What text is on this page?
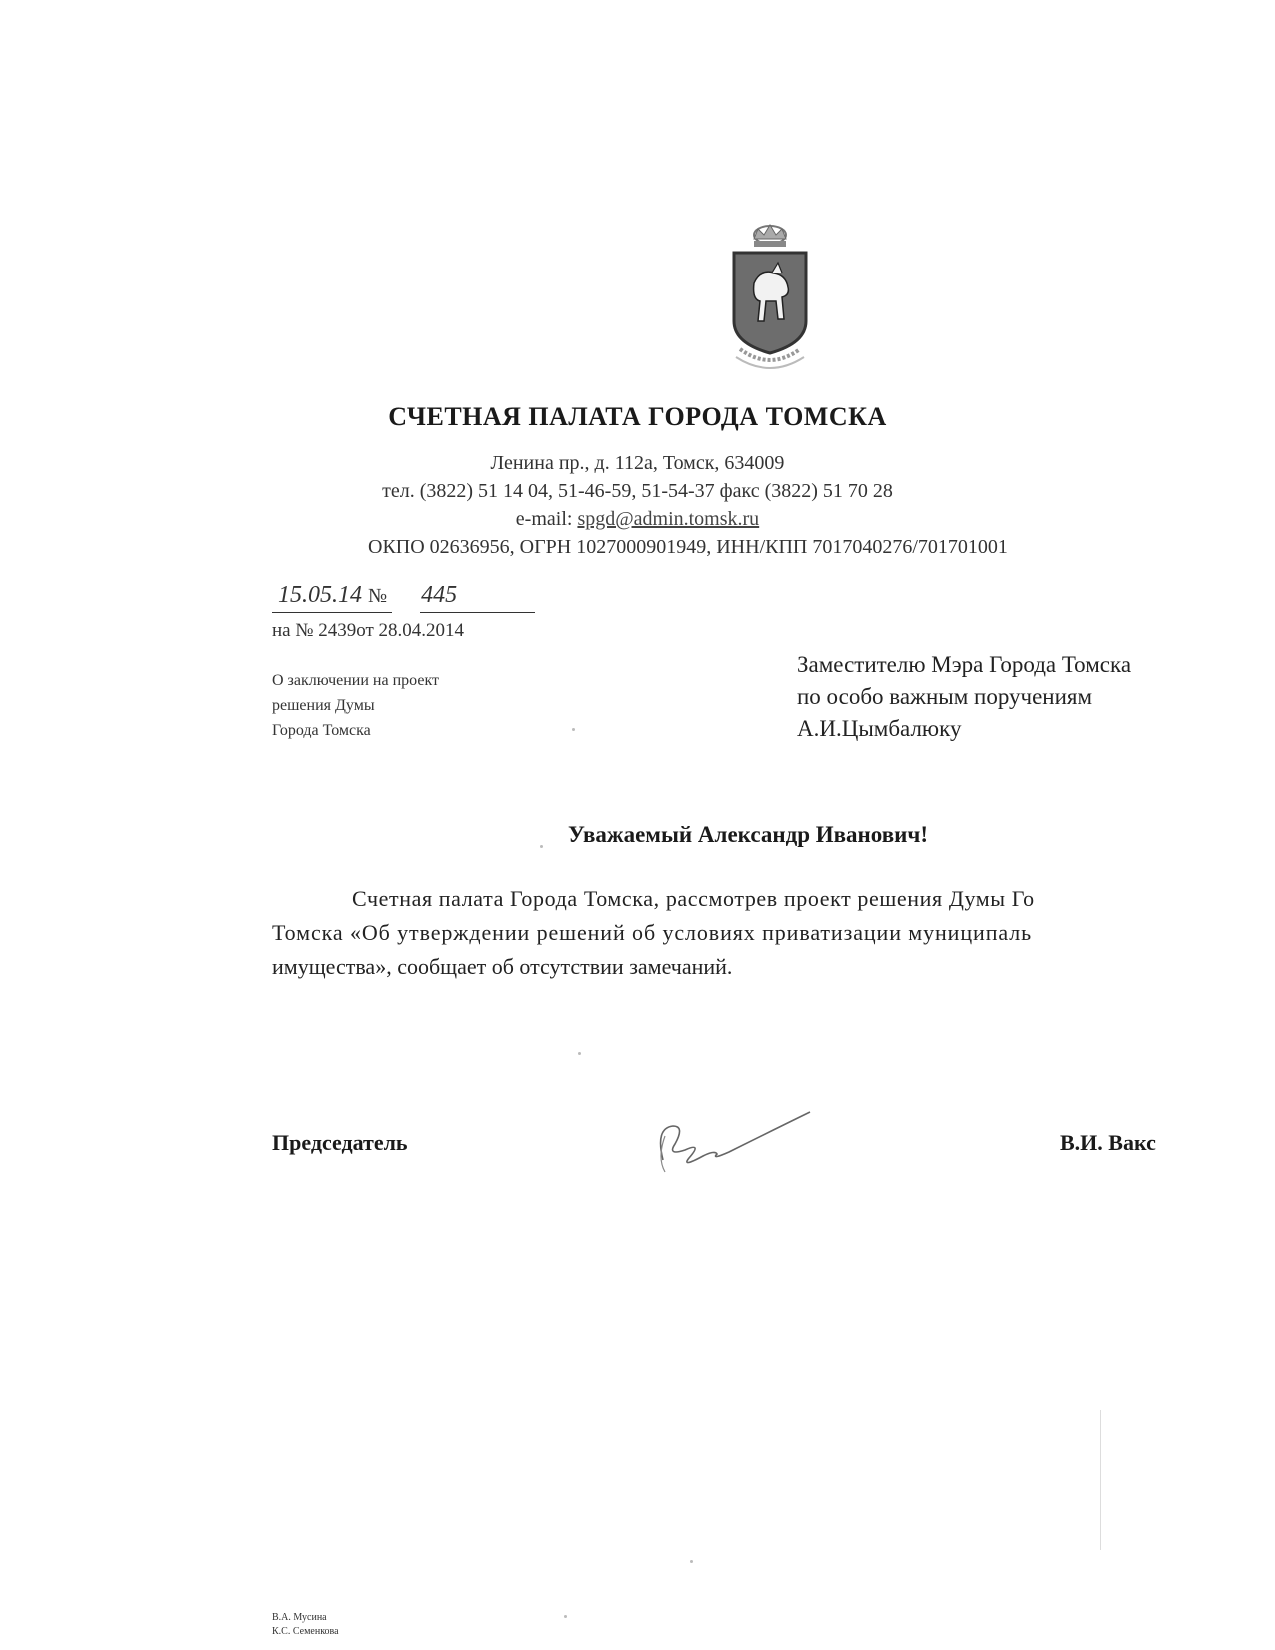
СЧЕТНАЯ ПАЛАТА ГОРОДА ТОМСКА
Ленина пр., д. 112а, Томск, 634009
тел. (3822) 51 14 04, 51-46-59, 51-54-37 факс (3822) 51 70 28
e-mail: spgd@admin.tomsk.ru
ОКПО 02636956, ОГРН 1027000901949, ИНН/КПП 7017040276/701701001
15.05.14 № 445
на № 2439от 28.04.2014
О заключении на проект
решения Думы
Города Томска
Заместителю Мэра Города Томска
по особо важным поручениям
А.И.Цымбалюку
Уважаемый Александр Иванович!
Счетная палата Города Томска, рассмотрев проект решения Думы Го
Томска «Об утверждении решений об условиях приватизации муниципаль
имущества», сообщает об отсутствии замечаний.
Председатель	В.И. Вакс
В.А. Мусина
К.С. Семенкова
